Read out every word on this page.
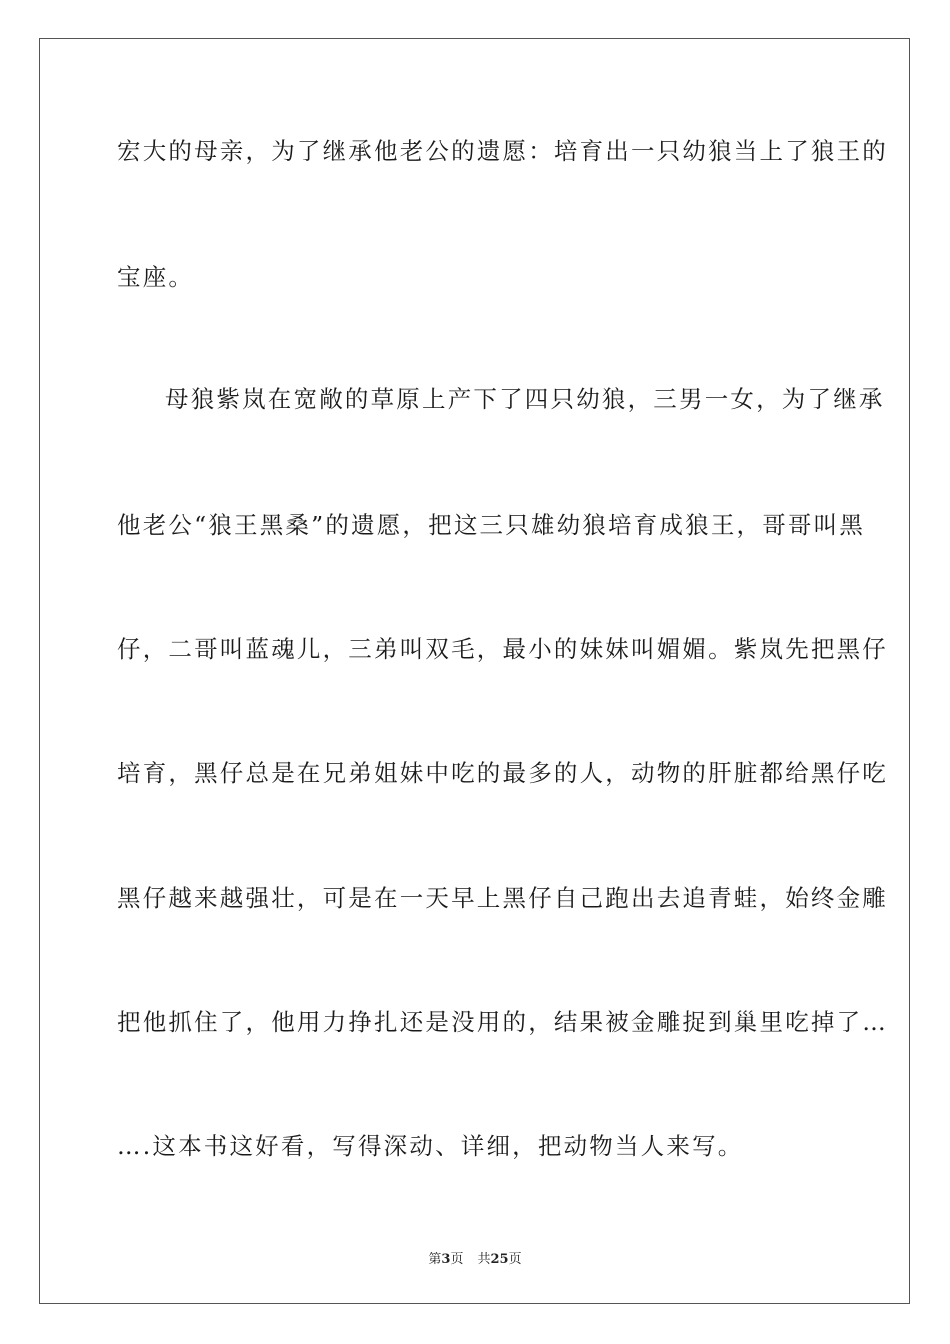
宏大的母亲，为了继承他老公的遗愿：培育出一只幼狼当上了狼王的
宝座。
母狼紫岚在宽敞的草原上产下了四只幼狼，三男一女，为了继承
他老公“狼王黑桑”的遗愿，把这三只雄幼狼培育成狼王，哥哥叫黑
仔，二哥叫蓝魂儿，三弟叫双毛，最小的妹妹叫媚媚。紫岚先把黑仔
培育，黑仔总是在兄弟姐妹中吃的最多的人，动物的肝脏都给黑仔吃
黑仔越来越强壮，可是在一天早上黑仔自己跑出去追青蛙，始终金雕
把他抓住了，他用力挣扎还是没用的，结果被金雕捉到巢里吃掉了…
….这本书这好看，写得深动、详细，把动物当人来写。
第3页 共25页
